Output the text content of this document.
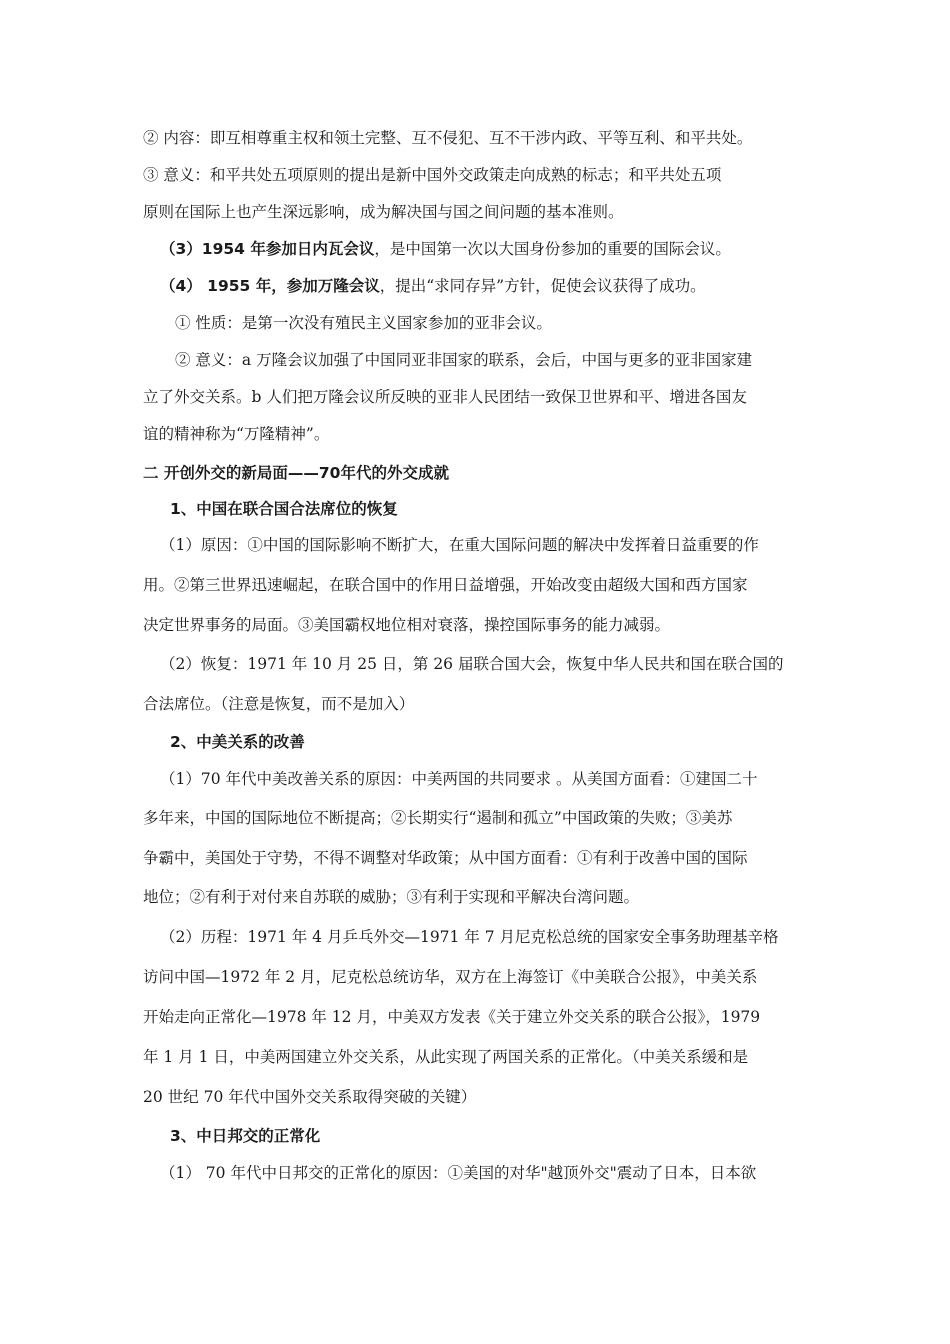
② 内容：即互相尊重主权和领土完整、互不侵犯、互不干涉内政、平等互利、和平共处。
③ 意义：和平共处五项原则的提出是新中国外交政策走向成熟的标志；和平共处五项
原则在国际上也产生深远影响，成为解决国与国之间问题的基本准则。
（3）1954 年参加日内瓦会议，是中国第一次以大国身份参加的重要的国际会议。
（4） 1955 年，参加万隆会议，提出“求同存异”方针，促使会议获得了成功。
① 性质：是第一次没有殖民主义国家参加的亚非会议。
② 意义：a 万隆会议加强了中国同亚非国家的联系，会后，中国与更多的亚非国家建
立了外交关系。b 人们把万隆会议所反映的亚非人民团结一致保卫世界和平、增进各国友
谊的精神称为“万隆精神”。
二 开创外交的新局面——70年代的外交成就
1、中国在联合国合法席位的恢复
（1）原因：①中国的国际影响不断扩大，在重大国际问题的解决中发挥着日益重要的作
用。②第三世界迅速崛起，在联合国中的作用日益增强，开始改变由超级大国和西方国家
决定世界事务的局面。③美国霸权地位相对衰落，操控国际事务的能力减弱。
（2）恢复：1971 年 10 月 25 日，第 26 届联合国大会，恢复中华人民共和国在联合国的
合法席位。（注意是恢复，而不是加入）
2、中美关系的改善
（1）70 年代中美改善关系的原因：中美两国的共同要求 。从美国方面看：①建国二十
多年来，中国的国际地位不断提高；②长期实行“遏制和孤立”中国政策的失败；③美苏
争霸中，美国处于守势，不得不调整对华政策；从中国方面看：①有利于改善中国的国际
地位；②有利于对付来自苏联的威胁；③有利于实现和平解决台湾问题。
（2）历程：1971 年 4 月乒乓外交—1971 年 7 月尼克松总统的国家安全事务助理基辛格
访问中国—1972 年 2 月，尼克松总统访华，双方在上海签订《中美联合公报》，中美关系
开始走向正常化—1978 年 12 月，中美双方发表《关于建立外交关系的联合公报》，1979
年 1 月 1 日，中美两国建立外交关系，从此实现了两国关系的正常化。（中美关系缓和是
20 世纪 70 年代中国外交关系取得突破的关键）
3、中日邦交的正常化
（1） 70 年代中日邦交的正常化的原因：①美国的对华"越顶外交"震动了日本，日本欲
